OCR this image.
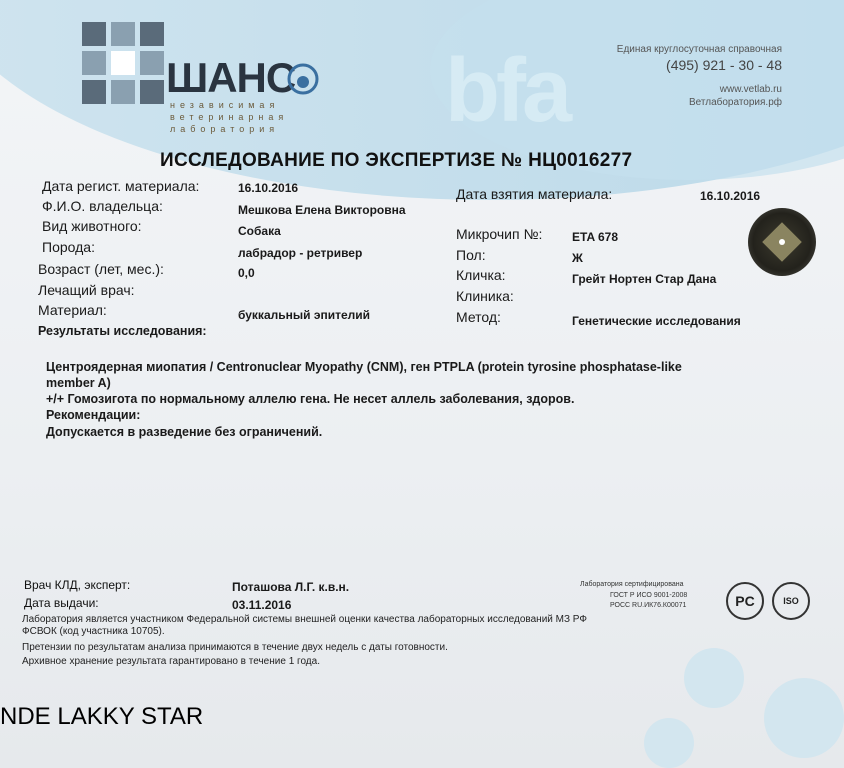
bfa
ШАНС
независимая
ветеринарная
лаборатория
Единая круглосуточная справочная
(495) 921 - 30 - 48
www.vetlab.ru
Ветлаборатория.рф
ИССЛЕДОВАНИЕ ПО ЭКСПЕРТИЗЕ № НЦ0016277
Дата регист. материала:	16.10.2016
Ф.И.О. владельца:	Мешкова Елена Викторовна
Вид животного:	Собака
Порода:	лабрадор - ретривер
Возраст (лет, мес.):	0,0
Лечащий врач:
Материал:	буккальный эпителий
Дата взятия материала:	16.10.2016
Микрочип №: ETA 678
Пол:	Ж
Кличка:	Грейт Нортен Стар Дана
Клиника:
Метод:	Генетические исследования
Результаты исследования:
Центроядерная миопатия / Centronuclear Myopathy (CNM), ген PTPLA (protein tyrosine phosphatase-like
member A)
+/+ Гомозигота по нормальному аллелю гена. Не несет аллель заболевания, здоров.
Рекомендации:
Допускается в разведение без ограничений.
Врач КЛД, эксперт:	Поташова Л.Г. к.в.н.
Дата выдачи:	03.11.2016
Лаборатория является участником Федеральной системы внешней оценки качества лабораторных исследований МЗ РФ
ФСВОК (код участника 10705).
Претензии по результатам анализа принимаются в течение двух недель с даты готовности.
Архивное хранение результата гарантировано в течение 1 года.
Лаборатория сертифицирована
ГОСТ Р ИСО 9001-2008
РОСС RU.ИК76.К00071	PC	ISO
NDE LAKKY STAR
